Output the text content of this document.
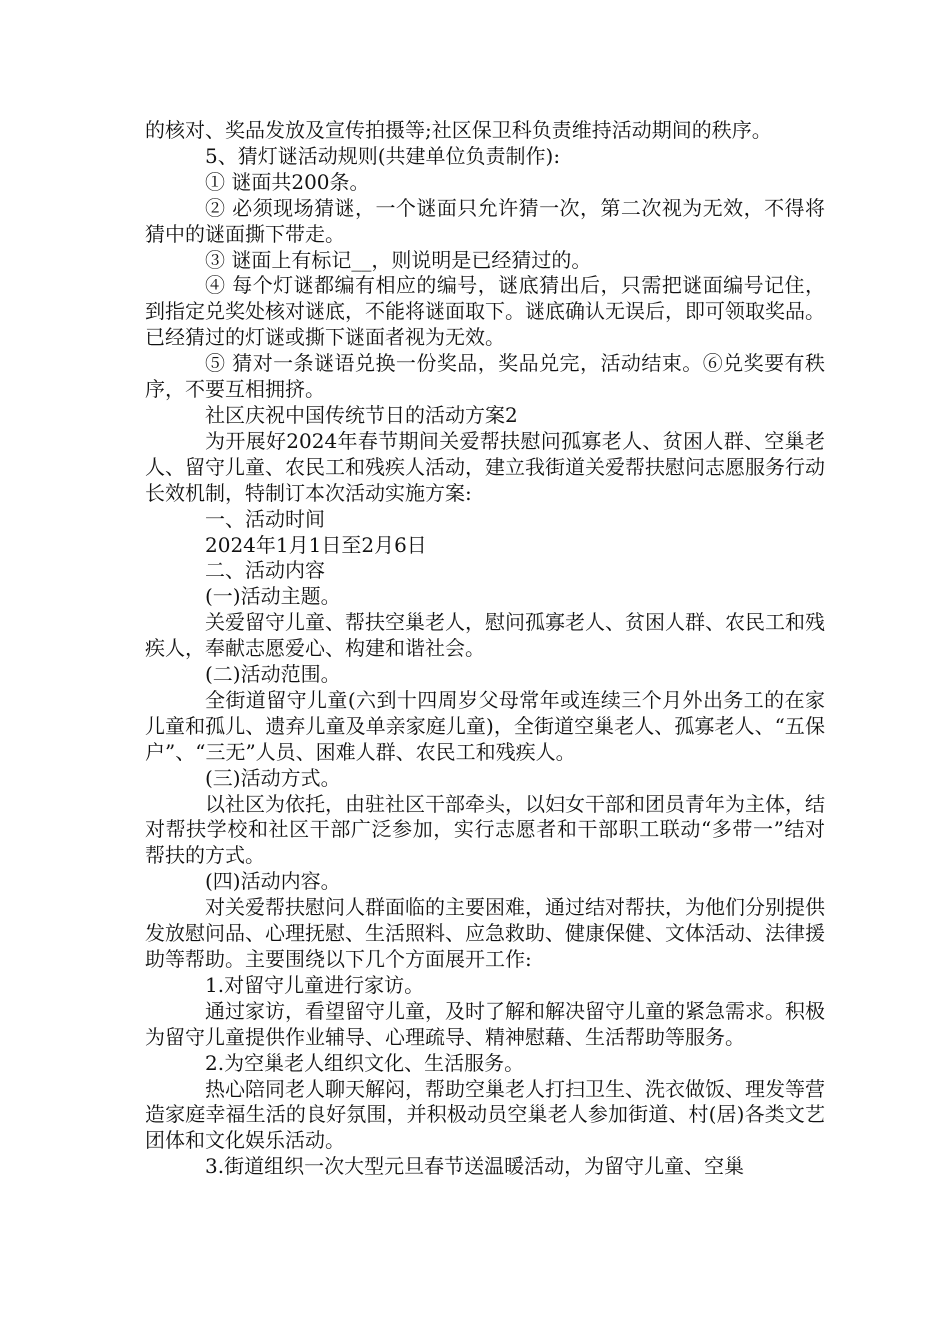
的核对、奖品发放及宣传拍摄等;社区保卫科负责维持活动期间的秩序。

5、猜灯谜活动规则(共建单位负责制作):

① 谜面共200条。

② 必须现场猜谜，一个谜面只允许猜一次，第二次视为无效，不得将猜中的谜面撕下带走。

③ 谜面上有标记__，则说明是已经猜过的。

④ 每个灯谜都编有相应的编号，谜底猜出后，只需把谜面编号记住，到指定兑奖处核对谜底，不能将谜面取下。谜底确认无误后，即可领取奖品。已经猜过的灯谜或撕下谜面者视为无效。

⑤ 猜对一条谜语兑换一份奖品，奖品兑完，活动结束。⑥兑奖要有秩序，不要互相拥挤。

社区庆祝中国传统节日的活动方案2

为开展好2024年春节期间关爱帮扶慰问孤寡老人、贫困人群、空巢老人、留守儿童、农民工和残疾人活动，建立我街道关爱帮扶慰问志愿服务行动长效机制，特制订本次活动实施方案:

一、活动时间

2024年1月1日至2月6日

二、活动内容

(一)活动主题。

关爱留守儿童、帮扶空巢老人，慰问孤寡老人、贫困人群、农民工和残疾人，奉献志愿爱心、构建和谐社会。

(二)活动范围。

全街道留守儿童(六到十四周岁父母常年或连续三个月外出务工的在家儿童和孤儿、遗弃儿童及单亲家庭儿童)，全街道空巢老人、孤寡老人、“五保户”、“三无”人员、困难人群、农民工和残疾人。

(三)活动方式。

以社区为依托，由驻社区干部牵头，以妇女干部和团员青年为主体，结对帮扶学校和社区干部广泛参加，实行志愿者和干部职工联动“多带一”结对帮扶的方式。

(四)活动内容。

对关爱帮扶慰问人群面临的主要困难，通过结对帮扶，为他们分别提供发放慰问品、心理抚慰、生活照料、应急救助、健康保健、文体活动、法律援助等帮助。主要围绕以下几个方面展开工作:

1.对留守儿童进行家访。

通过家访，看望留守儿童，及时了解和解决留守儿童的紧急需求。积极为留守儿童提供作业辅导、心理疏导、精神慰藉、生活帮助等服务。

2.为空巢老人组织文化、生活服务。

热心陪同老人聊天解闷，帮助空巢老人打扫卫生、洗衣做饭、理发等营造家庭幸福生活的良好氛围，并积极动员空巢老人参加街道、村(居)各类文艺团体和文化娱乐活动。

3.街道组织一次大型元旦春节送温暖活动，为留守儿童、空巢
